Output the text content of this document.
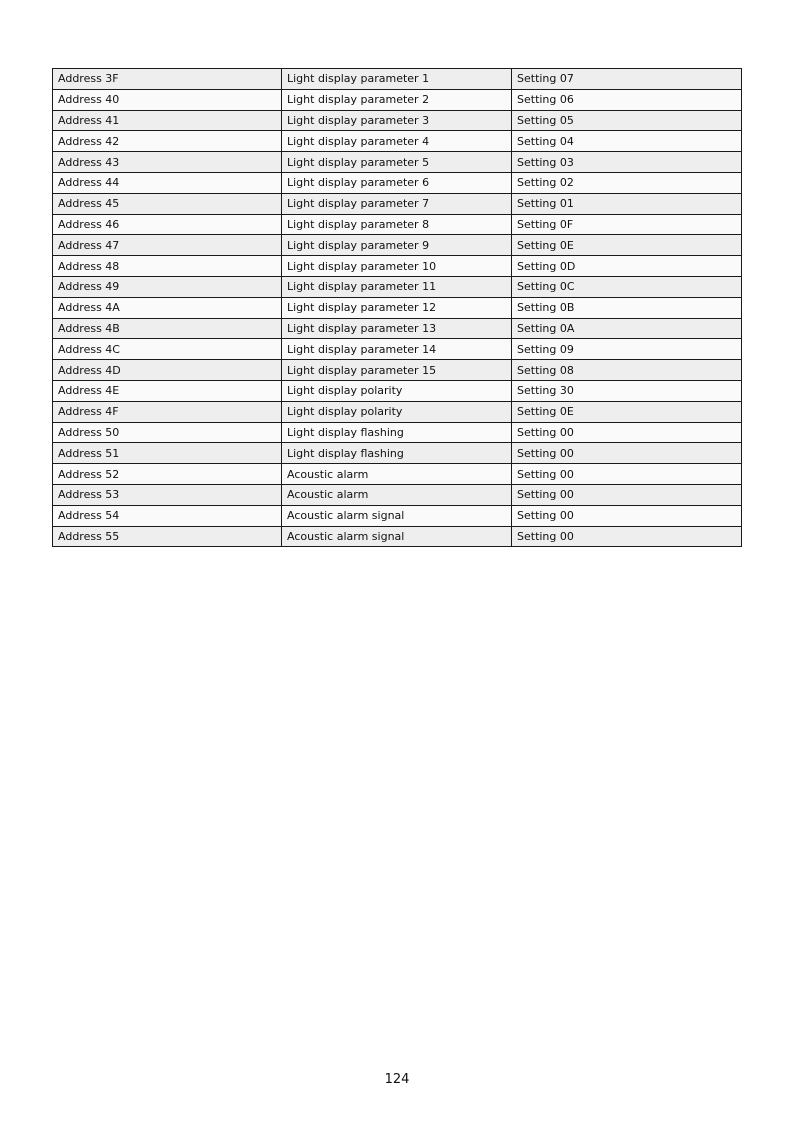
Address 3F	Light display parameter 1	Setting 07
Address 40	Light display parameter 2	Setting 06
Address 41	Light display parameter 3	Setting 05
Address 42	Light display parameter 4	Setting 04
Address 43	Light display parameter 5	Setting 03
Address 44	Light display parameter 6	Setting 02
Address 45	Light display parameter 7	Setting 01
Address 46	Light display parameter 8	Setting 0F
Address 47	Light display parameter 9	Setting 0E
Address 48	Light display parameter 10	Setting 0D
Address 49	Light display parameter 11	Setting 0C
Address 4A	Light display parameter 12	Setting 0B
Address 4B	Light display parameter 13	Setting 0A
Address 4C	Light display parameter 14	Setting 09
Address 4D	Light display parameter 15	Setting 08
Address 4E	Light display polarity	Setting 30
Address 4F	Light display polarity	Setting 0E
Address 50	Light display flashing	Setting 00
Address 51	Light display flashing	Setting 00
Address 52	Acoustic alarm	Setting 00
Address 53	Acoustic alarm	Setting 00
Address 54	Acoustic alarm signal	Setting 00
Address 55	Acoustic alarm signal	Setting 00
124
